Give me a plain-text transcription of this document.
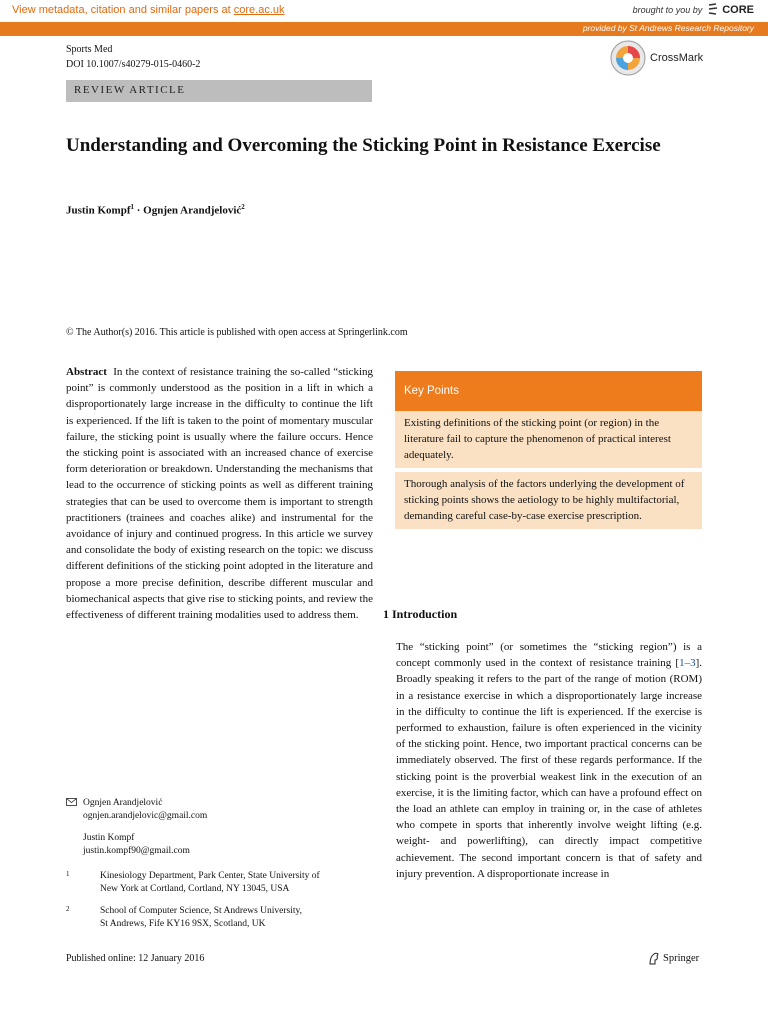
View metadata, citation and similar papers at core.ac.uk	brought to you by CORE
provided by St Andrews Research Repository
Sports Med
DOI 10.1007/s40279-015-0460-2
CrossMark
REVIEW ARTICLE
Understanding and Overcoming the Sticking Point in Resistance Exercise
Justin Kompf$^1$ · Ognjen Arandjelović$^2$
© The Author(s) 2016. This article is published with open access at Springerlink.com
Abstract In the context of resistance training the so-called “sticking point” is commonly understood as the position in a lift in which a disproportionately large increase in the difficulty to continue the lift is experienced. If the lift is taken to the point of momentary muscular failure, the sticking point is usually where the failure occurs. Hence the sticking point is associated with an increased chance of exercise form deterioration or breakdown. Understanding the mechanisms that lead to the occurrence of sticking points as well as different training strategies that can be used to overcome them is important to strength practitioners (trainees and coaches alike) and instrumental for the avoidance of injury and continued progress. In this article we survey and consolidate the body of existing research on the topic: we discuss different definitions of the sticking point adopted in the literature and propose a more precise definition, describe different muscular and biomechanical aspects that give rise to sticking points, and review the effectiveness of different training modalities used to address them.
Ognjen Arandjelović
ognjen.arandjelovic@gmail.com
Justin Kompf
justin.kompf90@gmail.com
1	Kinesiology Department, Park Center, State University of
New York at Cortland, Cortland, NY 13045, USA
2	School of Computer Science, St Andrews University,
St Andrews, Fife KY16 9SX, Scotland, UK
Published online: 12 January 2016
Key Points
Existing definitions of the sticking point (or region) in the literature fail to capture the phenomenon of practical interest adequately.
Thorough analysis of the factors underlying the development of sticking points shows the aetiology to be highly multifactorial, demanding careful case-by-case exercise prescription.
1 Introduction
The “sticking point” (or sometimes the “sticking region”) is a concept commonly used in the context of resistance training [1–3]. Broadly speaking it refers to the part of the range of motion (ROM) in a resistance exercise in which a disproportionately large increase in the difficulty to continue the lift is experienced. If the exercise is performed to exhaustion, failure is often experienced in the vicinity of the sticking point. Hence, two important practical concerns can be immediately observed. The first of these regards performance. If the sticking point is the proverbial weakest link in the execution of an exercise, it is the limiting factor, which can have a profound effect on the load an athlete can employ in training or, in the case of athletes who compete in sports that inherently involve weight lifting (e.g. weight- and powerlifting), can directly impact competitive achievement. The second important concern is that of safety and injury prevention. A disproportionate increase in
Springer
